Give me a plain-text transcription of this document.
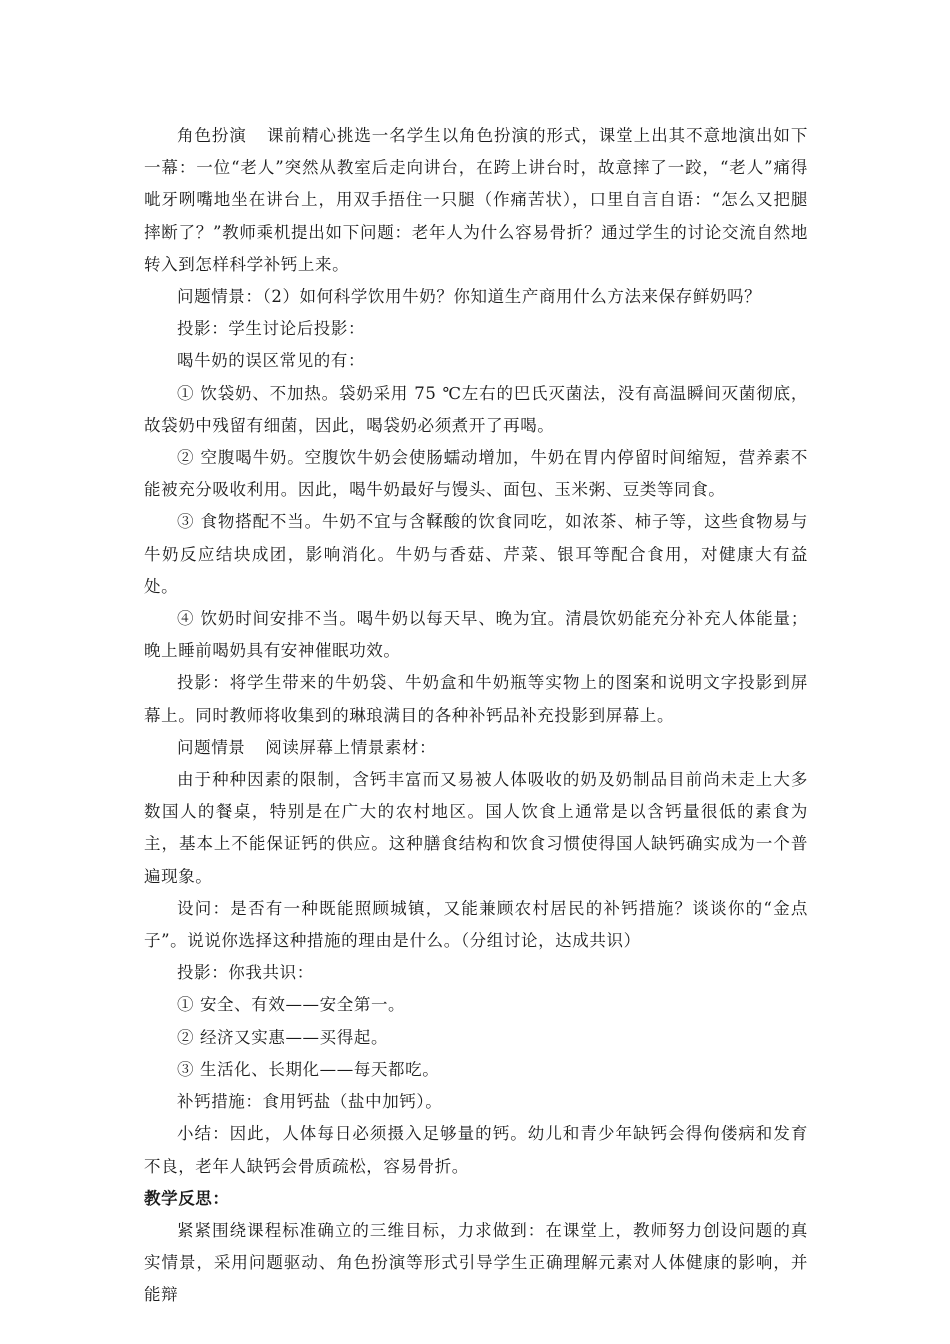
角色扮演 课前精心挑选一名学生以角色扮演的形式，课堂上出其不意地演出如下一幕：一位“老人”突然从教室后走向讲台，在跨上讲台时，故意摔了一跤，“老人”痛得呲牙咧嘴地坐在讲台上，用双手捂住一只腿（作痛苦状），口里自言自语：“怎么又把腿摔断了？”教师乘机提出如下问题：老年人为什么容易骨折？通过学生的讨论交流自然地转入到怎样科学补钙上来。

问题情景：（2）如何科学饮用牛奶？你知道生产商用什么方法来保存鲜奶吗？

投影：学生讨论后投影：

喝牛奶的误区常见的有：

① 饮袋奶、不加热。袋奶采用 75 ℃左右的巴氏灭菌法，没有高温瞬间灭菌彻底，故袋奶中残留有细菌，因此，喝袋奶必须煮开了再喝。

② 空腹喝牛奶。空腹饮牛奶会使肠蠕动增加，牛奶在胃内停留时间缩短，营养素不能被充分吸收利用。因此，喝牛奶最好与馒头、面包、玉米粥、豆类等同食。

③ 食物搭配不当。牛奶不宜与含鞣酸的饮食同吃，如浓茶、柿子等，这些食物易与牛奶反应结块成团，影响消化。牛奶与香菇、芹菜、银耳等配合食用，对健康大有益处。

④ 饮奶时间安排不当。喝牛奶以每天早、晚为宜。清晨饮奶能充分补充人体能量；晚上睡前喝奶具有安神催眠功效。

投影：将学生带来的牛奶袋、牛奶盒和牛奶瓶等实物上的图案和说明文字投影到屏幕上。同时教师将收集到的琳琅满目的各种补钙品补充投影到屏幕上。

问题情景 阅读屏幕上情景素材：

由于种种因素的限制，含钙丰富而又易被人体吸收的奶及奶制品目前尚未走上大多数国人的餐桌，特别是在广大的农村地区。国人饮食上通常是以含钙量很低的素食为主，基本上不能保证钙的供应。这种膳食结构和饮食习惯使得国人缺钙确实成为一个普遍现象。

设问：是否有一种既能照顾城镇，又能兼顾农村居民的补钙措施？谈谈你的“金点子”。说说你选择这种措施的理由是什么。（分组讨论，达成共识）

投影：你我共识：

① 安全、有效——安全第一。

② 经济又实惠——买得起。

③ 生活化、长期化——每天都吃。

补钙措施：食用钙盐（盐中加钙）。

小结：因此，人体每日必须摄入足够量的钙。幼儿和青少年缺钙会得佝偻病和发育不良，老年人缺钙会骨质疏松，容易骨折。

教学反思：

紧紧围绕课程标准确立的三维目标，力求做到：在课堂上，教师努力创设问题的真实情景，采用问题驱动、角色扮演等形式引导学生正确理解元素对人体健康的影响，并能辩
